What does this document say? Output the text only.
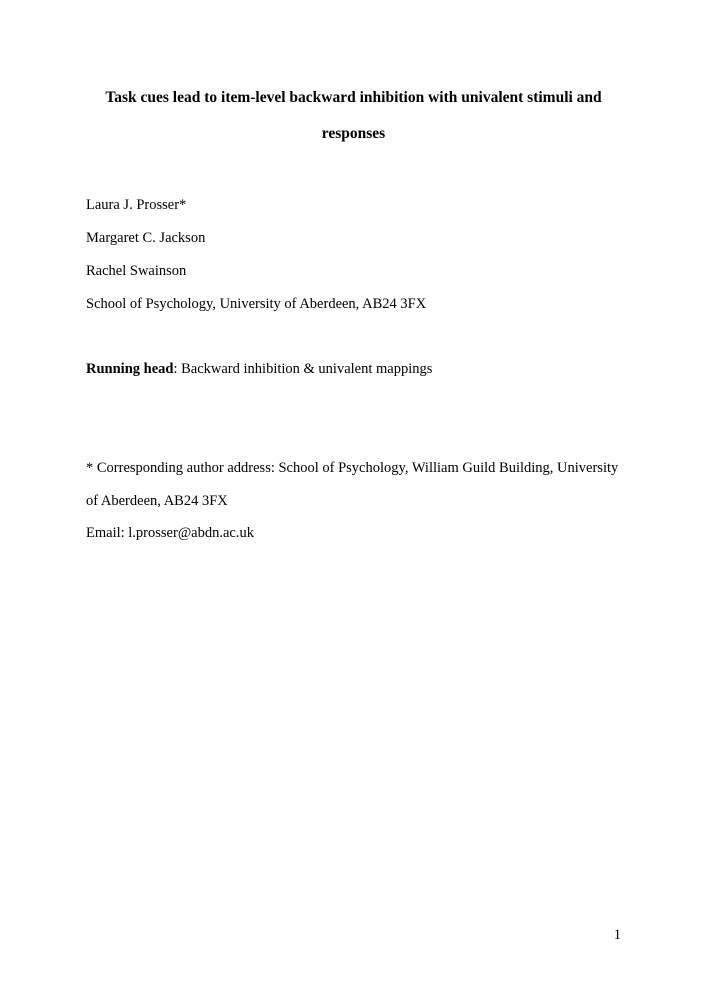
Task cues lead to item-level backward inhibition with univalent stimuli and

responses

Laura J. Prosser*

Margaret C. Jackson

Rachel Swainson

School of Psychology, University of Aberdeen, AB24 3FX

Running head: Backward inhibition & univalent mappings

* Corresponding author address: School of Psychology, William Guild Building, University

of Aberdeen, AB24 3FX

Email: l.prosser@abdn.ac.uk

1
